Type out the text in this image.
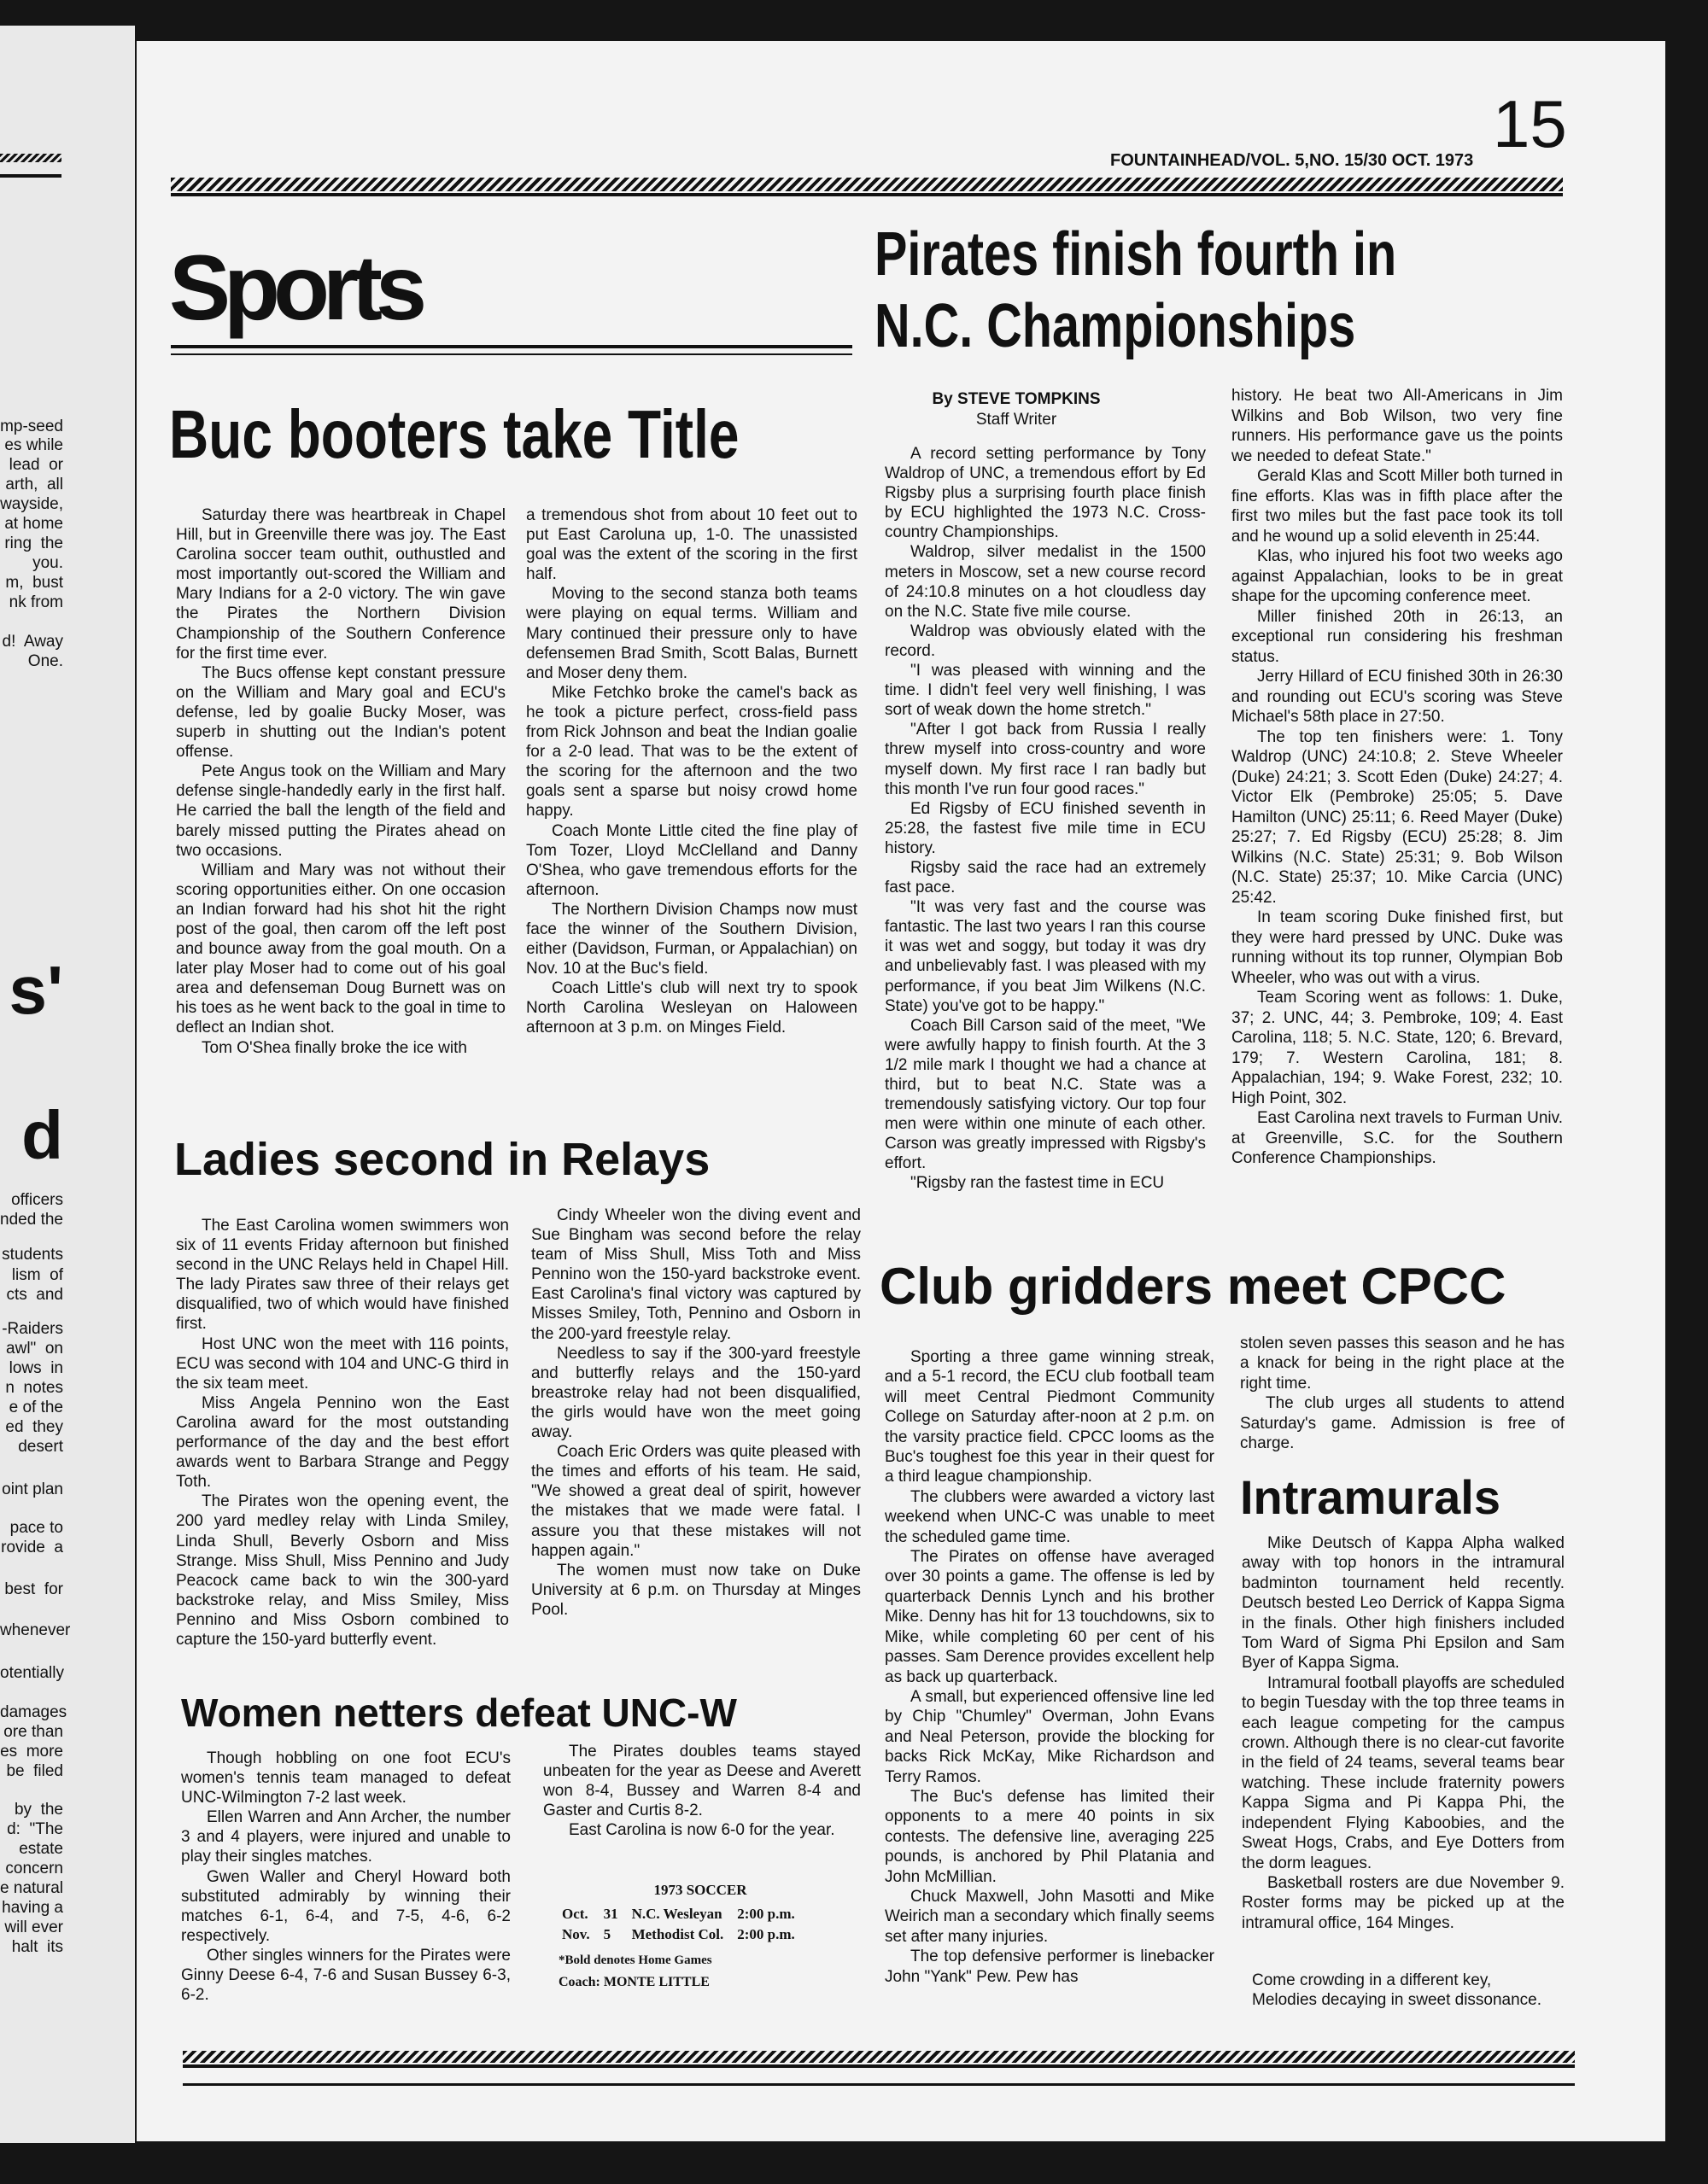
mp-seed
es while
lead  or
arth,  all
wayside,
at home
ring  the
you.
m,  bust
nk from
d!  Away
One.
s'
d
officers
nded the
students
lism  of
cts  and
-Raiders
awl"  on
lows  in
n  notes
e of the
ed  they
desert
oint plan
pace to
rovide  a
best  for
whenever
otentially
damages
ore than
es  more
be  filed
by  the
d:  "The
estate
concern
e natural
having a
will ever
halt  its
15
FOUNTAINHEAD/VOL. 5,NO. 15/30 OCT. 1973
Sports	Pirates finish fourth in
N.C. Championships
By STEVE TOMPKINS
Staff Writer

A record setting performance by Tony Waldrop of UNC, a tremendous effort by Ed Rigsby plus a surprising fourth place finish by ECU highlighted the 1973 N.C. Cross-country Championships.

Waldrop, silver medalist in the 1500 meters in Moscow, set a new course record of 24:10.8 minutes on a hot cloudless day on the N.C. State five mile course.

Waldrop was obviously elated with the record.

"I was pleased with winning and the time. I didn't feel very well finishing, I was sort of weak down the home stretch."

"After I got back from Russia I really threw myself into cross-country and wore myself down. My first race I ran badly but this month I've run four good races."

Ed Rigsby of ECU finished seventh in 25:28, the fastest five mile time in ECU history.

Rigsby said the race had an extremely fast pace.

"It was very fast and the course was fantastic. The last two years I ran this course it was wet and soggy, but today it was dry and unbelievably fast. I was pleased with my performance, if you beat Jim Wilkens (N.C. State) you've got to be happy."

Coach Bill Carson said of the meet, "We were awfully happy to finish fourth. At the 3 1/2 mile mark I thought we had a chance at third, but to beat N.C. State was a tremendously satisfying victory. Our top four men were within one minute of each other. Carson was greatly impressed with Rigsby's effort.

"Rigsby ran the fastest time in ECU

history. He beat two All-Americans in Jim Wilkins and Bob Wilson, two very fine runners. His performance gave us the points we needed to defeat State."

Gerald Klas and Scott Miller both turned in fine efforts. Klas was in fifth place after the first two miles but the fast pace took its toll and he wound up a solid eleventh in 25:44.

Klas, who injured his foot two weeks ago against Appalachian, looks to be in great shape for the upcoming conference meet.

Miller finished 20th in 26:13, an exceptional run considering his freshman status.

Jerry Hillard of ECU finished 30th in 26:30 and rounding out ECU's scoring was Steve Michael's 58th place in 27:50.

The top ten finishers were: 1. Tony Waldrop (UNC) 24:10.8; 2. Steve Wheeler (Duke) 24:21; 3. Scott Eden (Duke) 24:27; 4. Victor Elk (Pembroke) 25:05; 5. Dave Hamilton (UNC) 25:11; 6. Reed Mayer (Duke) 25:27; 7. Ed Rigsby (ECU) 25:28; 8. Jim Wilkins (N.C. State) 25:31; 9. Bob Wilson (N.C. State) 25:37; 10. Mike Carcia (UNC) 25:42.

In team scoring Duke finished first, but they were hard pressed by UNC. Duke was running without its top runner, Olympian Bob Wheeler, who was out with a virus.

Team Scoring went as follows: 1. Duke, 37; 2. UNC, 44; 3. Pembroke, 109; 4. East Carolina, 118; 5. N.C. State, 120; 6. Brevard, 179; 7. Western Carolina, 181; 8. Appalachian, 194; 9. Wake Forest, 232; 10. High Point, 302.

East Carolina next travels to Furman Univ. at Greenville, S.C. for the Southern Conference Championships.

Buc booters take Title

Saturday there was heartbreak in Chapel Hill, but in Greenville there was joy. The East Carolina soccer team outhit, outhustled and most importantly out-scored the William and Mary Indians for a 2-0 victory. The win gave the Pirates the Northern Division Championship of the Southern Conference for the first time ever.

The Bucs offense kept constant pressure on the William and Mary goal and ECU's defense, led by goalie Bucky Moser, was superb in shutting out the Indian's potent offense.

Pete Angus took on the William and Mary defense single-handedly early in the first half. He carried the ball the length of the field and barely missed putting the Pirates ahead on two occasions.

William and Mary was not without their scoring opportunities either. On one occasion an Indian forward had his shot hit the right post of the goal, then carom off the left post and bounce away from the goal mouth. On a later play Moser had to come out of his goal area and defenseman Doug Burnett was on his toes as he went back to the goal in time to deflect an Indian shot.

Tom O'Shea finally broke the ice with

a tremendous shot from about 10 feet out to put East Caroluna up, 1-0. The unassisted goal was the extent of the scoring in the first half.

Moving to the second stanza both teams were playing on equal terms. William and Mary continued their pressure only to have defensemen Brad Smith, Scott Balas, Burnett and Moser deny them.

Mike Fetchko broke the camel's back as he took a picture perfect, cross-field pass from Rick Johnson and beat the Indian goalie for a 2-0 lead. That was to be the extent of the scoring for the afternoon and the two goals sent a sparse but noisy crowd home happy.

Coach Monte Little cited the fine play of Tom Tozer, Lloyd McClelland and Danny O'Shea, who gave tremendous efforts for the afternoon.

The Northern Division Champs now must face the winner of the Southern Division, either (Davidson, Furman, or Appalachian) on Nov. 10 at the Buc's field.

Coach Little's club will next try to spook North Carolina Wesleyan on Haloween afternoon at 3 p.m. on Minges Field.

Ladies second in Relays

The East Carolina women swimmers won six of 11 events Friday afternoon but finished second in the UNC Relays held in Chapel Hill. The lady Pirates saw three of their relays get disqualified, two of which would have finished first.

Host UNC won the meet with 116 points, ECU was second with 104 and UNC-G third in the six team meet.

Miss Angela Pennino won the East Carolina award for the most outstanding performance of the day and the best effort awards went to Barbara Strange and Peggy Toth.

The Pirates won the opening event, the 200 yard medley relay with Linda Smiley, Linda Shull, Beverly Osborn and Miss Strange. Miss Shull, Miss Pennino and Judy Peacock came back to win the 300-yard backstroke relay, and Miss Smiley, Miss Pennino and Miss Osborn combined to capture the 150-yard butterfly event.

Cindy Wheeler won the diving event and Sue Bingham was second before the relay team of Miss Shull, Miss Toth and Miss Pennino won the 150-yard backstroke event. East Carolina's final victory was captured by Misses Smiley, Toth, Pennino and Osborn in the 200-yard freestyle relay.

Needless to say if the 300-yard freestyle and butterfly relays and the 150-yard breastroke relay had not been disqualified, the girls would have won the meet going away.

Coach Eric Orders was quite pleased with the times and efforts of his team. He said, "We showed a great deal of spirit, however the mistakes that we made were fatal. I assure you that these mistakes will not happen again."

The women must now take on Duke University at 6 p.m. on Thursday at Minges Pool.

Women netters defeat UNC-W

Though hobbling on one foot ECU's women's tennis team managed to defeat UNC-Wilmington 7-2 last week.

Ellen Warren and Ann Archer, the number 3 and 4 players, were injured and unable to play their singles matches.

Gwen Waller and Cheryl Howard both substituted admirably by winning their matches 6-1, 6-4, and 7-5, 4-6, 6-2 respectively.

Other singles winners for the Pirates were Ginny Deese 6-4, 7-6 and Susan Bussey 6-3, 6-2.

The Pirates doubles teams stayed unbeaten for the year as Deese and Averett won 8-4, Bussey and Warren 8-4 and Gaster and Curtis 8-2.

East Carolina is now 6-0 for the year.

1973 SOCCER
Oct.	31	N.C. Wesleyan	2:00 p.m.
Nov.	5	Methodist Col.	2:00 p.m.
*Bold denotes Home Games
Coach: MONTE LITTLE
Club gridders meet CPCC

Sporting a three game winning streak, and a 5-1 record, the ECU club football team will meet Central Piedmont Community College on Saturday after-noon at 2 p.m. on the varsity practice field. CPCC looms as the Buc's toughest foe this year in their quest for a third league championship.

The clubbers were awarded a victory last weekend when UNC-C was unable to meet the scheduled game time.

The Pirates on offense have averaged over 30 points a game. The offense is led by quarterback Dennis Lynch and his brother Mike. Denny has hit for 13 touchdowns, six to Mike, while completing 60 per cent of his passes. Sam Derence provides excellent help as back up quarterback.

A small, but experienced offensive line led by Chip "Chumley" Overman, John Evans and Neal Peterson, provide the blocking for backs Rick McKay, Mike Richardson and Terry Ramos.

The Buc's defense has limited their opponents to a mere 40 points in six contests. The defensive line, averaging 225 pounds, is anchored by Phil Platania and John McMillian.

Chuck Maxwell, John Masotti and Mike Weirich man a secondary which finally seems set after many injuries.

The top defensive performer is linebacker John "Yank" Pew. Pew has

stolen seven passes this season and he has a knack for being in the right place at the right time.

The club urges all students to attend Saturday's game. Admission is free of charge.

Intramurals

Mike Deutsch of Kappa Alpha walked away with top honors in the intramural badminton tournament held recently. Deutsch bested Leo Derrick of Kappa Sigma in the finals. Other high finishers included Tom Ward of Sigma Phi Epsilon and Sam Byer of Kappa Sigma.

Intramural football playoffs are scheduled to begin Tuesday with the top three teams in each league competing for the campus crown. Although there is no clear-cut favorite in the field of 24 teams, several teams bear watching. These include fraternity powers Kappa Sigma and Pi Kappa Phi, the independent Flying Kaboobies, and the Sweat Hogs, Crabs, and Eye Dotters from the dorm leagues.

Basketball rosters are due November 9. Roster forms may be picked up at the intramural office, 164 Minges.

Come crowding in a different key,
Melodies decaying in sweet dissonance.
